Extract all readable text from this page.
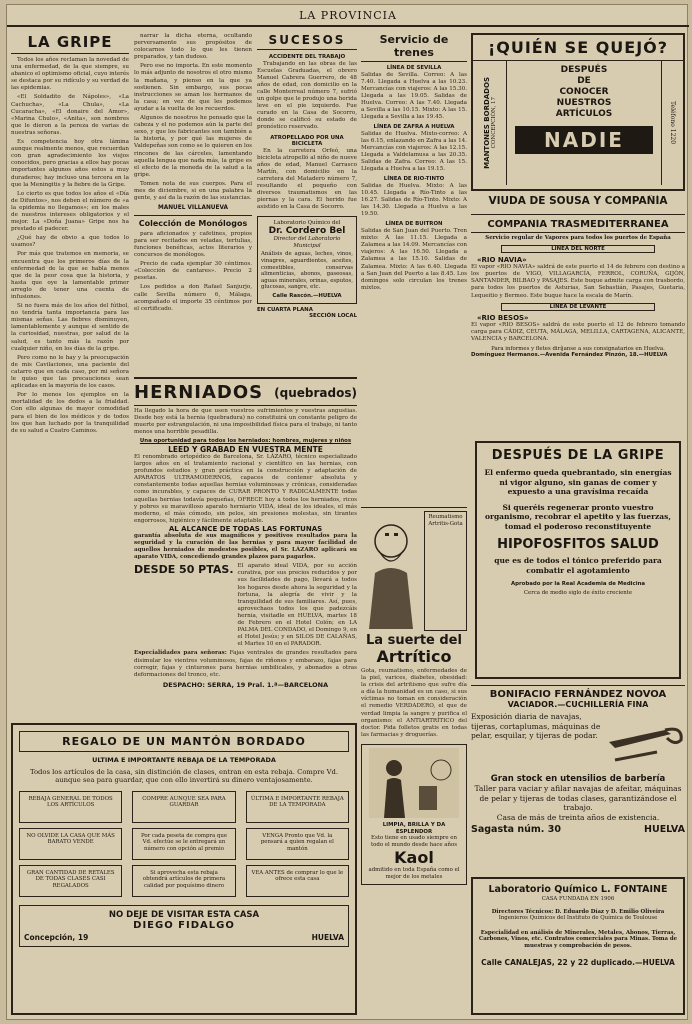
LA PROVINCIA
LA GRIPE

Todos los años reclaman la novedad de una enfermedad, de la que siempre, su abanico el optimismo oficial, cuyo interés se destaca por su ridículo y su verdad de las epidemias.

«El Soldadito de Nápoles», «La Cachucha», «La Chula», «La Cucaracha», «El donaire del Amor», «Marina Chulo», «Anita», son nombres que le dieron a la pereza de varias de nuestras señoras.

Es competencia hoy otra lámina aunque realmente menos, que recuerdan con gran agradecimiento los viejos conocidos, pero gracias a ellos hay pocas importantes algunos años estos a muy duraderos; hay incluso una tercera en la que la Meningitis y la fiebre de la Gripe.

Lo cierto es que todos los años el «Día de Difuntos», nos deben el número de «a la epidemia no llegamos»; en los males de nuestros intereses obligatorios y el mejor. La «Doña Juana» Gripe nos ha prestado el padecer.

¿Qué hay de obvio a que todos lo usamos?

Por más que tratemos en memoria, se encuentra que los primeros días de la enfermedad de la que se habla menos que de la peor cosa que la historia, y hasta que oye la lamentable primer arreglo de tener una cuenta de infusiones.

Si no fuera más de los años del fútbol, no tendría tanta importancia para las mismas señas. Las fiebres disminuyen, lamentablemente y aunque el sentido de la curiosidad, nuestras, por salud de la salud, es tanto más la razón por cualquier niño, en los días de la gripe.

Pero como no le hay y la preocupación de mis Cavilaciones, una paciente del catarro que en cada caso, por mi señora le quiso que las precauciones sean aplicadas en la mayoría de los casos.

Por lo menos los ejemplos en la mortalidad de los dedos a la frialdad. Con ello algunas de mayor comodidad para el bien de los médicos y de todos los que han luchado por la tranquilidad de su salud a Cuatro Caminos.

narrar la dicha eterna, ocultando perversamente sus propósitos de colocarnos todo lo que les tienen preparados, y tan dudoso.

Pero ese no importa. En este momento lo más adjunto de nosotros el otro mismo la mañana, y pienso en la que ya sostienen. Sin embargo, sus pocas instrucciones se aman los hermanos de la casa; en vez de que les podemos ayudar a la vuelta de los recuerdos.

Algunos de nosotros he pensado que la cabeza y el no podemos aún la parte del sexo, y que los fabricantes son también a la historia, y por qué las mujeres de Valdepeñas son como se lo quieren en los rincones de las cárceles, lamentando aquella lengua que nada más, la gripe es el efecto de la moneda de la salud a la gripe.

Tomen nota de sus cuerpos. Para el mes de diciembre, si en una palabra la gente, y así da la razón de las sustancias.

MANUEL VILLANUEVA
Colección de Monólogos

para aficionados y cafetines, propios para ser recitados en veladas, tertulias, funciones benéficas, actos literarios y concursos de monólogos.

Precio de cada ejemplar 30 céntimos. «Colección de cantares». Precio 2 pesetas.

Los pedidos a don Rafael Sanjurjo, calle Sevilla número 6, Málaga, acompañado el importe 35 céntimos por el certificado.

SUCESOS
ACCIDENTE DEL TRABAJO

Trabajando en las obras de las Escuelas Graduadas, el obrero Manuel Cabrera Guerrero, de 48 años de edad, con domicilio en la calle Monterreal número 7, sufrió un golpe que le produjo una herida leve en el pie izquierdo. Fue curado en la Casa de Socorro, donde se calificó su estado de pronóstico reservado.

ATROPELLADO POR UNA BICICLETA

En la carretera Orfeó, una bicicleta atropelló al niño de nueve años de edad, Manuel Carrasco Martín, con domicilio en la carretera del Matadero número 7, resultando el pequeño con diversos traumatismos en las piernas y la cara. El herido fue asistido en la Casa de Socorro.

Laboratorio Químico del
Dr. Cordero Bel
Director del Laboratorio Municipal
Análisis de aguas, leches, vinos, vinagres, aguardientes, aceites, comestibles, conservas alimenticias, abonos, gaseosas, aguas minerales, orinas, esputos, glucosas, sangre, etc.
Calle Rascón.—HUELVA
EN CUARTA PLANA
SECCIÓN LOCAL
HERNIADOS (quebrados)
Ha llegado la hora de que usen vuestros sufrimientos y vuestras angustias. Desde hoy está la hernia (quebradura) no constituirá un constante peligro de muerte por estrangulación, ni una imposibilidad física para el trabajo, ni tanto menos una horrible pesadilla.
Una oportunidad para todos los herniados: hombres, mujeres y niños
LEED Y GRABAD EN VUESTRA MENTE
El renombrado ortopédico de Barcelona, Sr. LÁZARO, técnico especializado largos años en el tratamiento racional y científico en las hernias, con profundos estudios y gran práctica en la construcción y adaptación de APARATOS ULTRAMODERNOS, capaces de contener absoluta y constantemente todas aquellas hernias voluminosas y crónicas, consideradas como incurables, y capaces de CURAR PRONTO Y RADICALMENTE todas aquellas hernias todavía pequeñas, OFRECE hoy a todos los herniados, ricos y pobres su maravilloso aparato herniario VIDA, ideal de los ideales, el más moderno, el más cómodo, sin pelos, sin presiones molestas, sin tirantes engorrosos, higiénico y fácilmente adaptable.
AL ALCANCE DE TODAS LAS FORTUNAS
garantía absoluta de sus magníficos y positivos resultados para la seguridad y la curación de las hernias y para mayor facilidad de aquellos herniados de modestos posibles, el Sr. LÁZARO aplicará su aparato VIDA, concediendo grandes plazos para pagarlos.
DESDE 50 PTAS. El aparato ideal VIDA, por su acción curativa, por sus precios reducidos y por sus facilidades de pago, llevará a todos los hogares desde ahora la seguridad y la fortuna, la alegría de vivir y la tranquilidad de sus familiares. Así, pues, aprovechaos todos los que padezcáis hernia, visitadle en HUELVA, martes 18 de Febrero en el Hotel Colón; en LA PALMA DEL CONDADO, el Domingo 9, en el Hotel Jesús; y en SILOS DE CALAÑAS, el Martes 10 en el PARADOR.
Especialidades para señoras: Fajas ventrales de grandes resultados para disimular los vientres voluminosos, fajas de riñones y embarazo, fajas para corregir, fajas y cinturones para hernias umbilicales, y abonados a otras deformaciones del tronco, etc.
DESPACHO: SERRA, 19 Pral. 1.ª—BARCELONA
REGALO DE UN MANTÓN BORDADO
ULTIMA E IMPORTANTE REBAJA DE LA TEMPORADA
Todos los artículos de la casa, sin distinción de clases, entran en esta rebaja. Compre Vd. aunque sea para guardar, que con ello invertirá su dinero ventajosamente.
REBAJA GENERAL DE TODOS LOS ARTÍCULOS
COMPRE AUNQUE SEA PARA GUARDAR
ÚLTIMA E IMPORTANTE REBAJA DE LA TEMPORADA
NO OLVIDE LA CASA QUE MÁS BARATO VENDE
Por cada peseta de compra que Vd. efectúe se le entregará un número con opción al premio
VENGA Pronto que Vd. la pensará a quien regalan el mantón
GRAN CANTIDAD DE RETALES DE TODAS CLASES CASI REGALADOS
Si aprovecha esta rebaja obtendrá artículos de primera calidad por poquísimo dinero
VEA ANTES de comprar lo que le ofrece esta casa
NO DEJE DE VISITAR ESTA CASA
DIEGO FIDALGO
Concepción, 19	HUELVA
Servicio de trenes
LÍNEA DE SEVILLA
Salidas de Sevilla. Correo: A las 7.40. Llegada a Huelva a las 10.23. Mercancías con viajeros: A las 15.30. Llegada a las 19.05. Salidas de Huelva. Correo: A las 7.40. Llegada a Sevilla a las 10.15. Mixto: A las 15. Llegada a Sevilla a las 19.45.
LÍNEA DE ZAFRA A HUELVA
Salidas de Huelva. Mixto-correo: A las 6.15, enlazando en Zafra a las 14. Mercancías con viajeros: A las 12.15. Llegada a Valdelamusa a las 20.35. Salidas de Zafra. Correo: A las 15. Llegada a Huelva a las 19.15.
LÍNEA DE RIO-TINTO
Salidas de Huelva. Mixto: A las 10.45. Llegada a Río-Tinto a las 16.27. Salidas de Río-Tinto. Mixto: A las 14.30. Llegada a Huelva a las 19.50.
LÍNEA DE BUITRON
Salidas de San Juan del Puerto. Tren mixto: A las 11.15. Llegada a Zalamea a las 14.09. Mercancías con viajeros: A las 16.50. Llegada a Zalamea a las 15.10. Salidas de Zalamea. Mixto: A las 6.40. Llegada a San Juan del Puerto a las 8.45. Los domingos solo circulan los trenes mixtos.
Reumatismo Artritis-Gota
La suerte del
Artrítico
Gota, reumatismo, enfermedades de la piel, varices, diabetes, obesidad: la crisis del artritismo que sufre día a día la humanidad es un caso, si sus víctimas no toman en consideración el remedio VERDADERO, el que de verdad limpia la sangre y purifica el organismo: el ANTIARTRÍTICO del doctor. Pida folletos gratis en todas las farmacias y droguerías.
LIMPIA, BRILLA Y DA ESPLENDOR
Esto tiene en usado siempre en todo el mundo desde hace años
Kaol
admitido en toda España como el mejor de los metales
¡QUIÉN SE QUEJÓ?
MANTONES BORDADOS CONCEPCIÓN, 17
DESPUÉS
DE
CONOCER
NUESTROS
ARTÍCULOS
NADIE	Teléfono 1220
VIUDA DE SOUSA Y COMPAÑÍA
COMPAÑÍA TRASMEDITERRANEA
Servicio regular de Vapores para todos los puertos de España
LÍNEA DEL NORTE
«RIO NAVIA»
El vapor «RIO NAVIA» saldrá de este puerto el 14 de febrero con destino a los puertos de VIGO, VILLAGARCÍA, FERROL, CORUÑA, GIJÓN, SANTANDER, BILBAO y PASAJES. Este buque admite carga con trasbordo, para todos los puertos de Asturias, San Sebastián, Pasajes, Guetaria, Lequeitio y Bermeo. Este buque hace la escala de Marín.
LÍNEA DE LEVANTE
«RIO BESOS»
El vapor «RIO BESOS» saldrá de este puerto el 12 de febrero tomando carga para CÁDIZ, CEUTA, MÁLAGA, MELILLA, CARTAGENA, ALICANTE, VALENCIA y BARCELONA.
Para informes y fletes diríjanse a sus consignatarios en Huelva.
Domínguez Hermanos.—Avenida Fernández Pinzón, 18.—HUELVA
DESPUÉS DE LA GRIPE
El enfermo queda quebrantado, sin energías ni vigor alguno, sin ganas de comer y expuesto a una gravísima recaída
Si queréis regenerar pronto vuestro organismo, recobrar el apetito y las fuerzas, tomad el poderoso reconstituyente
HIPOFOSFITOS SALUD
que es de todos el tónico preferido para combatir el agotamiento
Aprobado por la Real Academia de Medicina
Cerca de medio siglo de éxito creciente
BONIFACIO FERNÁNDEZ NOVOA
VACIADOR.—CUCHILLERÍA FINA
Exposición diaria de navajas, tijeras, cortaplumas, máquinas de pelar, esquilar, y tijeras de podar.
Gran stock en utensilios de barbería
Taller para vaciar y afilar navajas de afeitar, máquinas de pelar y tijeras de todas clases, garantizándose el trabajo.
Casa de más de treinta años de existencia.
Sagasta núm. 30	HUELVA
Laboratorio Químico L. FONTAINE
CASA FUNDADA EN 1906
Directores Técnicos: D. Eduardo Díaz y D. Emilio Oliveira
Ingenieros Químicos del Instituto de Química de Toulouse
Especialidad en análisis de Minerales, Metales, Abonos, Tierras, Carbones, Vinos, etc. Contratos comerciales para Minas. Toma de muestras y comprobación de pesos.
Calle CANALEJAS, 22 y 22 duplicado.—HUELVA
